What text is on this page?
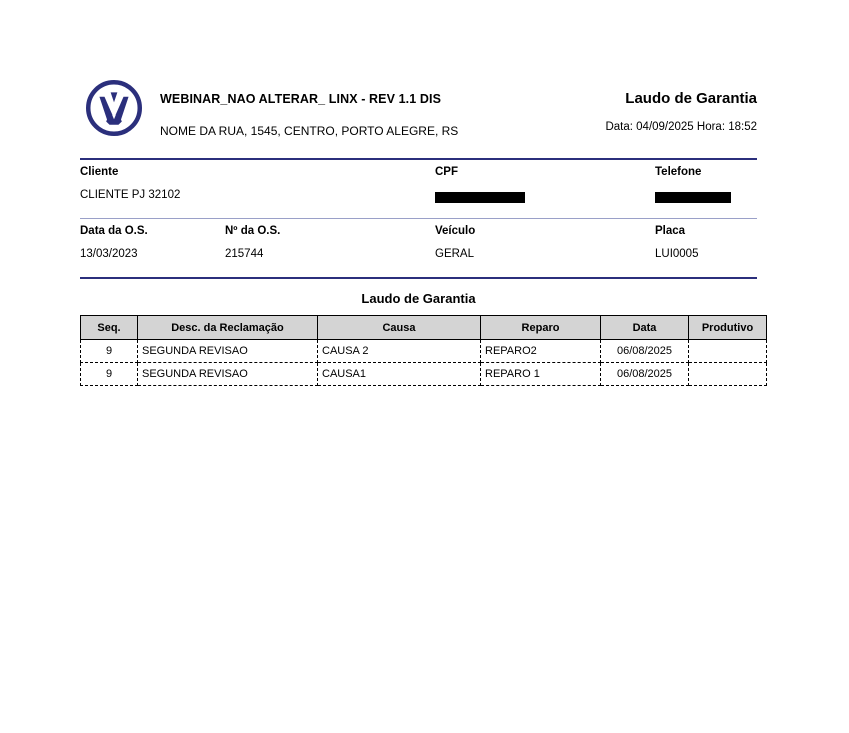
WEBINAR_NAO ALTERAR_ LINX - REV 1.1 DIS
NOME DA RUA, 1545, CENTRO, PORTO ALEGRE, RS
Laudo de Garantia
Data: 04/09/2025 Hora: 18:52
Cliente	CPF	Telefone
CLIENTE PJ 32102
Data da O.S.	Nº da O.S.	Veículo	Placa
13/03/2023	215744	GERAL	LUI0005
Laudo de Garantia
Seq.	Desc. da Reclamação	Causa	Reparo	Data	Produtivo
9	SEGUNDA REVISAO	CAUSA 2	REPARO2	06/08/2025	
9	SEGUNDA REVISAO	CAUSA1	REPARO 1	06/08/2025	
